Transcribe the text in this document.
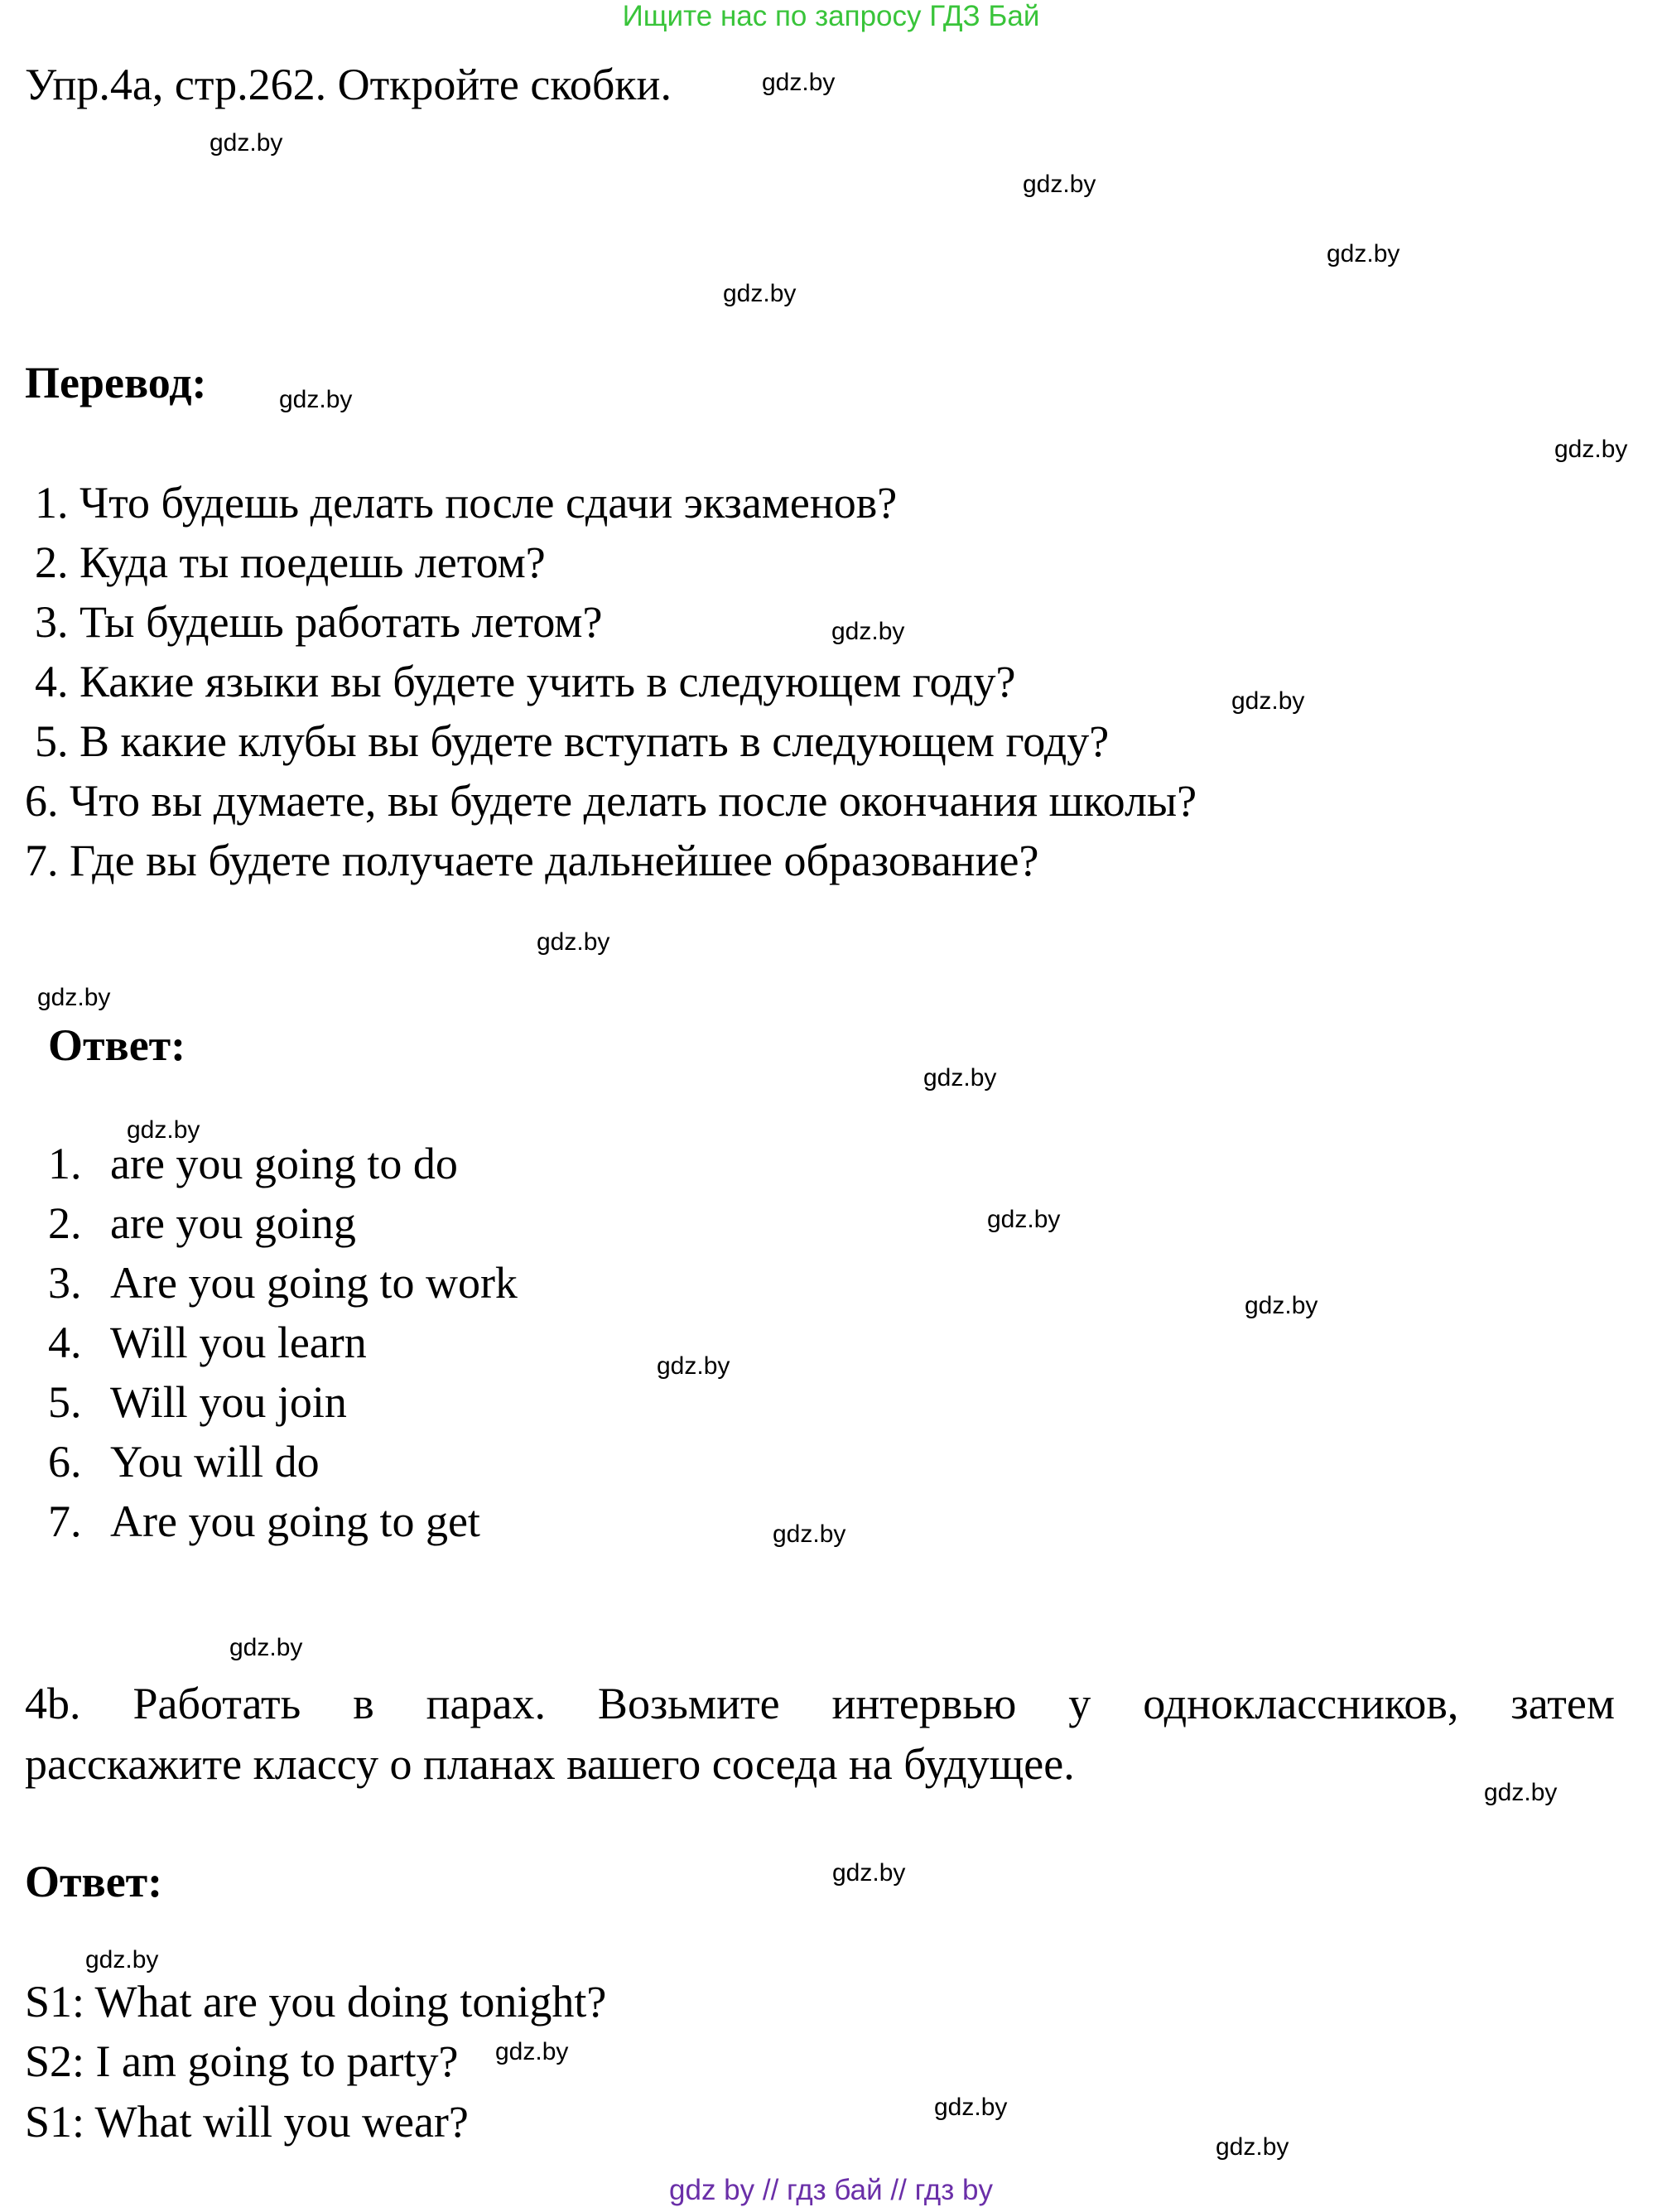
Ищите нас по запросу ГДЗ Бай
Упр.4а, стр.262. Откройте скобки.
Перевод:
1. Что будешь делать после сдачи экзаменов?
2. Куда ты поедешь летом?
3. Ты будешь работать летом?
4. Какие языки вы будете учить в следующем году?
5. В какие клубы вы будете вступать в следующем году?
6. Что вы думаете, вы будете делать после окончания школы?
7. Где вы будете получаете дальнейшее образование?
Ответ:
1. are you going to do
2. are you going
3. Are you going to work
4. Will you learn
5. Will you join
6. You will do
7. Are you going to get
4b. Работать в парах. Возьмите интервью у одноклассников, затем
расскажите классу о планах вашего соседа на будущее.
Ответ:
S1: What are you doing tonight?
S2: I am going to party?
S1: What will you wear?
gdz.by
gdz.by
gdz.by
gdz.by
gdz.by
gdz.by
gdz.by
gdz.by
gdz.by
gdz.by
gdz.by
gdz.by
gdz.by
gdz.by
gdz.by
gdz.by
gdz.by
gdz.by
gdz.by
gdz.by
gdz.by
gdz.by
gdz.by
gdz.by
gdz by // гдз бай // гдз by
